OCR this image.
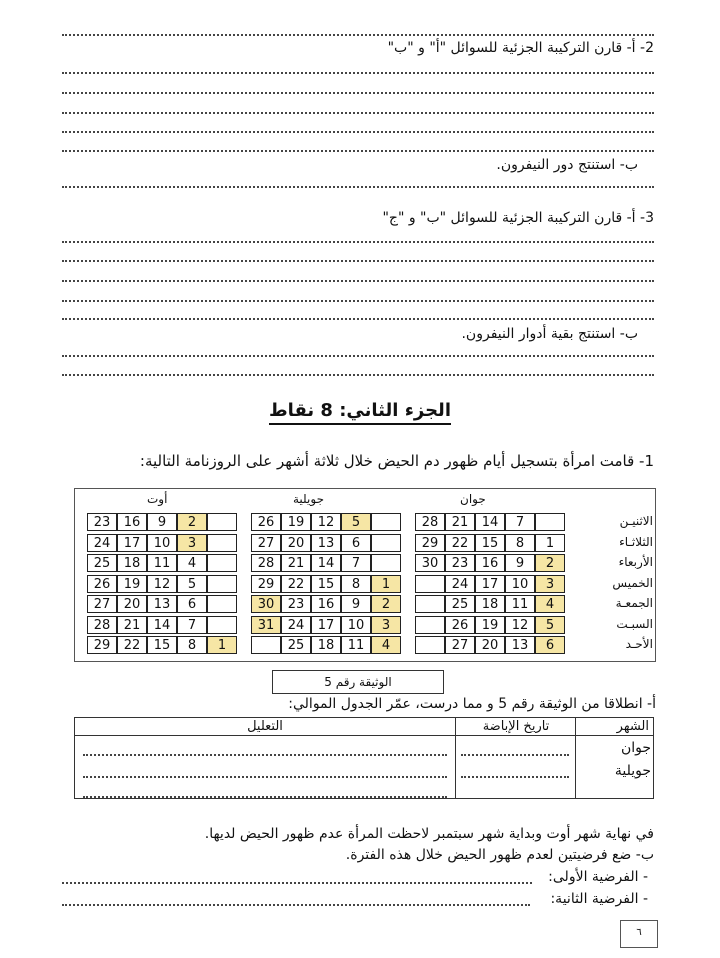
2- أ- قارن التركيبة الجزئية للسوائل "أ" و "ب"
ب- استنتج دور النيفرون.
3- أ- قارن التركيبة الجزئية للسوائل "ب" و "ج"
ب- استنتج بقية أدوار النيفرون.
الجزء الثاني: 8 نقاط
1- قامت امرأة بتسجيل أيام ظهور دم الحيض خلال ثلاثة أشهر على الروزنامة التالية:
جوان
جويلية
أوت
7
14
21
28
1
8
15
22
29
2
9
16
23
30
3
10
17
24
4
11
18
25
5
12
19
26
6
13
20
27
5
12
19
26
6
13
20
27
7
14
21
28
1
8
15
22
29
2
9
16
23
30
3
10
17
24
31
4
11
18
25
2
9
16
23
3
10
17
24
4
11
18
25
5
12
19
26
6
13
20
27
7
14
21
28
1
8
15
22
29
الاثنيـن
الثلاثـاء
الأربعاء
الخميس
الجمعـة
السبـت
الأحـد
الوثيقة رقم 5
أ- انطلاقا من الوثيقة رقم 5 و مما درست، عمّر الجدول الموالي:
الشهر
تاريخ الإباضة
التعليل
جوان
جويلية
في نهاية شهر أوت وبداية شهر سبتمبر لاحظت المرأة عدم ظهور الحيض لديها.
ب- ضع فرضيتين لعدم ظهور الحيض خلال هذه الفترة.
- الفرضية الأولى:
- الفرضية الثانية:
٦
